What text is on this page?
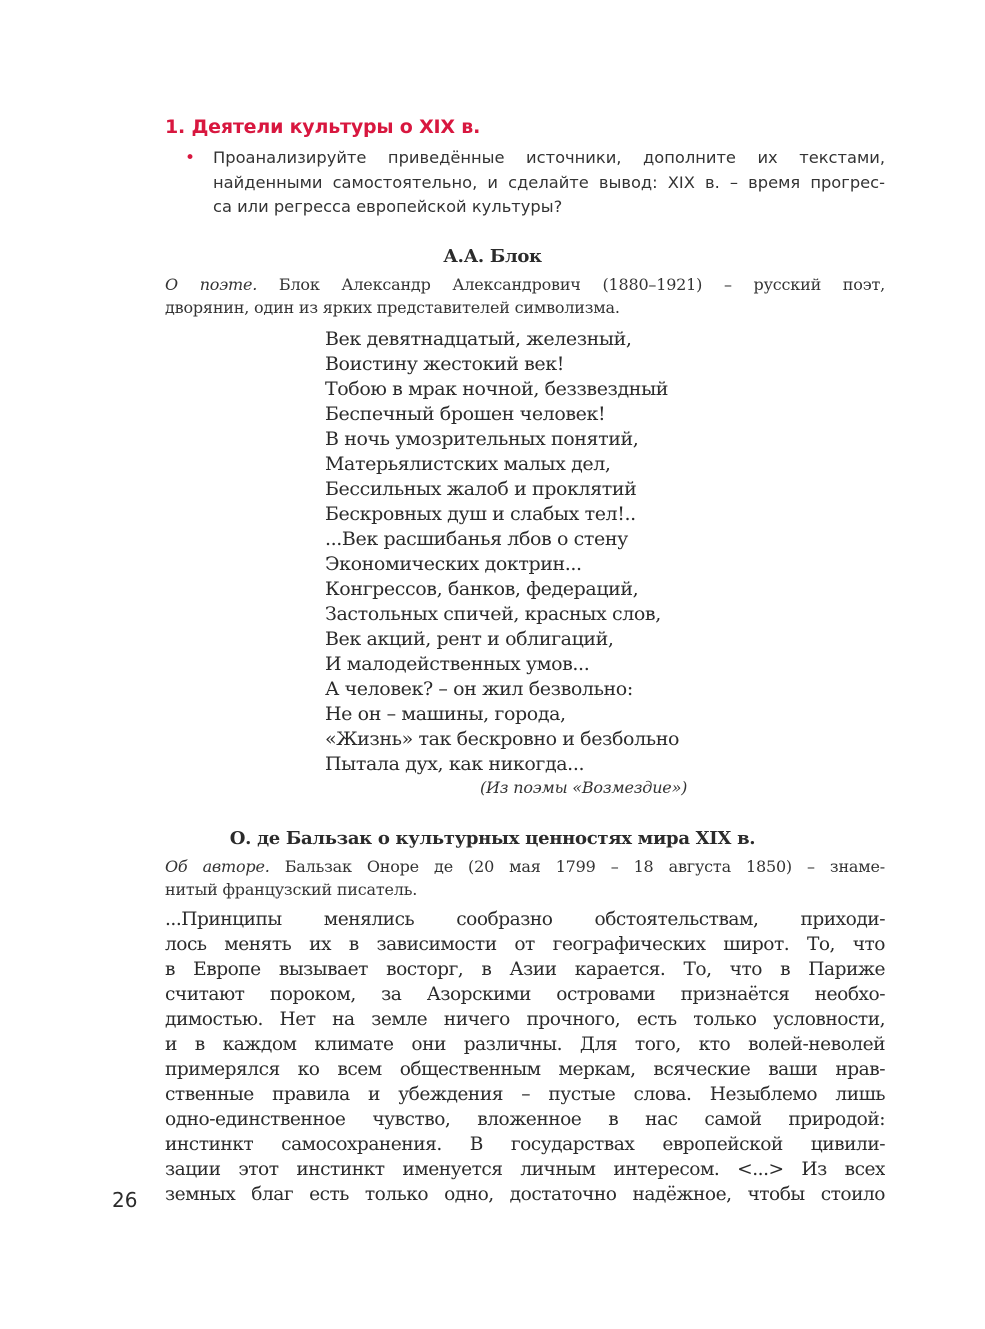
1. Деятели культуры о XIX в.
• Проанализируйте приведённые источники, дополните их текстами,
найденными самостоятельно, и сделайте вывод: XIX в. – время прогрес-
са или регресса европейской культуры?
А.А. Блок
О поэте. Блок Александр Александрович (1880–1921) – русский поэт,
дворянин, один из ярких представителей символизма.
Век девятнадцатый, железный,
Воистину жестокий век!
Тобою в мрак ночной, беззвездный
Беспечный брошен человек!
В ночь умозрительных понятий,
Матерьялистских малых дел,
Бессильных жалоб и проклятий
Бескровных душ и слабых тел!..
...Век расшибанья лбов о стену
Экономических доктрин...
Конгрессов, банков, федераций,
Застольных спичей, красных слов,
Век акций, рент и облигаций,
И малодейственных умов...
А человек? – он жил безвольно:
Не он – машины, города,
«Жизнь» так бескровно и безбольно
Пытала дух, как никогда...
(Из поэмы «Возмездие»)
О. де Бальзак о культурных ценностях мира XIX в.
Об авторе. Бальзак Оноре де (20 мая 1799 – 18 августа 1850) – знаме-
нитый французский писатель.
...Принципы менялись сообразно обстоятельствам, приходи-
лось менять их в зависимости от географических широт. То, что
в Европе вызывает восторг, в Азии карается. То, что в Париже
считают пороком, за Азорскими островами признаётся необхо-
димостью. Нет на земле ничего прочного, есть только условности,
и в каждом климате они различны. Для того, кто волей-неволей
примерялся ко всем общественным меркам, всяческие ваши нрав-
ственные правила и убеждения – пустые слова. Незыблемо лишь
одно-единственное чувство, вложенное в нас самой природой:
инстинкт самосохранения. В государствах европейской цивили-
зации этот инстинкт именуется личным интересом. <...> Из всех
земных благ есть только одно, достаточно надёжное, чтобы стоило
26
